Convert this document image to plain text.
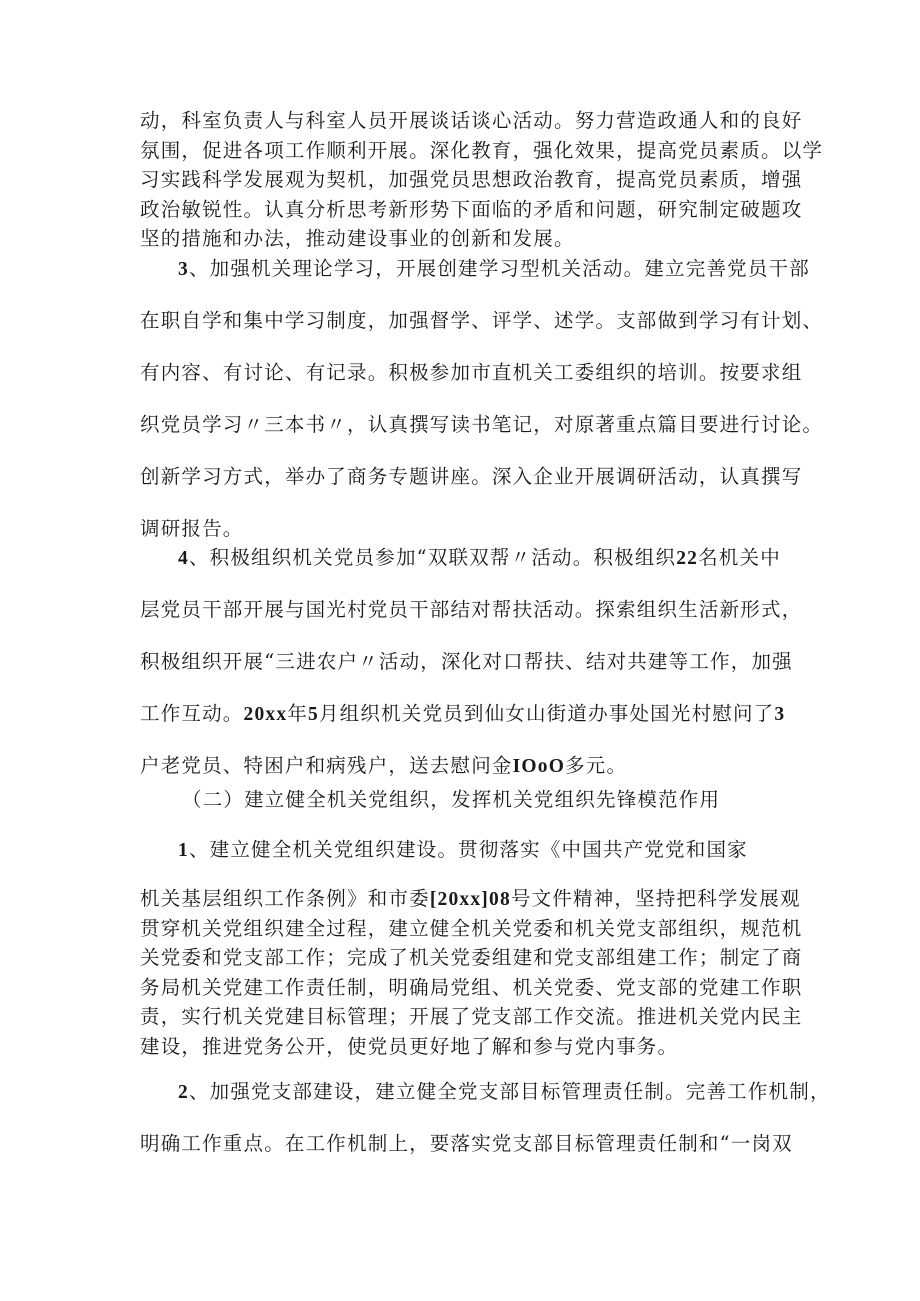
动，科室负责人与科室人员开展谈话谈心活动。努力营造政通人和的良好
氛围，促进各项工作顺利开展。深化教育，强化效果，提高党员素质。以学
习实践科学发展观为契机，加强党员思想政治教育，提高党员素质，增强
政治敏锐性。认真分析思考新形势下面临的矛盾和问题，研究制定破题攻
坚的措施和办法，推动建设事业的创新和发展。
3、加强机关理论学习，开展创建学习型机关活动。建立完善党员干部
在职自学和集中学习制度，加强督学、评学、述学。支部做到学习有计划、
有内容、有讨论、有记录。积极参加市直机关工委组织的培训。按要求组
织党员学习〃三本书〃，认真撰写读书笔记，对原著重点篇目要进行讨论。
创新学习方式，举办了商务专题讲座。深入企业开展调研活动，认真撰写
调研报告。
4、积极组织机关党员参加“双联双帮〃活动。积极组织22名机关中
层党员干部开展与国光村党员干部结对帮扶活动。探索组织生活新形式，
积极组织开展“三进农户〃活动，深化对口帮扶、结对共建等工作，加强
工作互动。20xx年5月组织机关党员到仙女山街道办事处国光村慰问了3
户老党员、特困户和病残户，送去慰问金IOoO多元。
（二）建立健全机关党组织，发挥机关党组织先锋模范作用
1、建立健全机关党组织建设。贯彻落实《中国共产党党和国家
机关基层组织工作条例》和市委[20xx]08号文件精神，坚持把科学发展观
贯穿机关党组织建全过程，建立健全机关党委和机关党支部组织，规范机
关党委和党支部工作；完成了机关党委组建和党支部组建工作；制定了商
务局机关党建工作责任制，明确局党组、机关党委、党支部的党建工作职
责，实行机关党建目标管理；开展了党支部工作交流。推进机关党内民主
建设，推进党务公开，使党员更好地了解和参与党内事务。
2、加强党支部建设，建立健全党支部目标管理责任制。完善工作机制，
明确工作重点。在工作机制上，要落实党支部目标管理责任制和“一岗双
